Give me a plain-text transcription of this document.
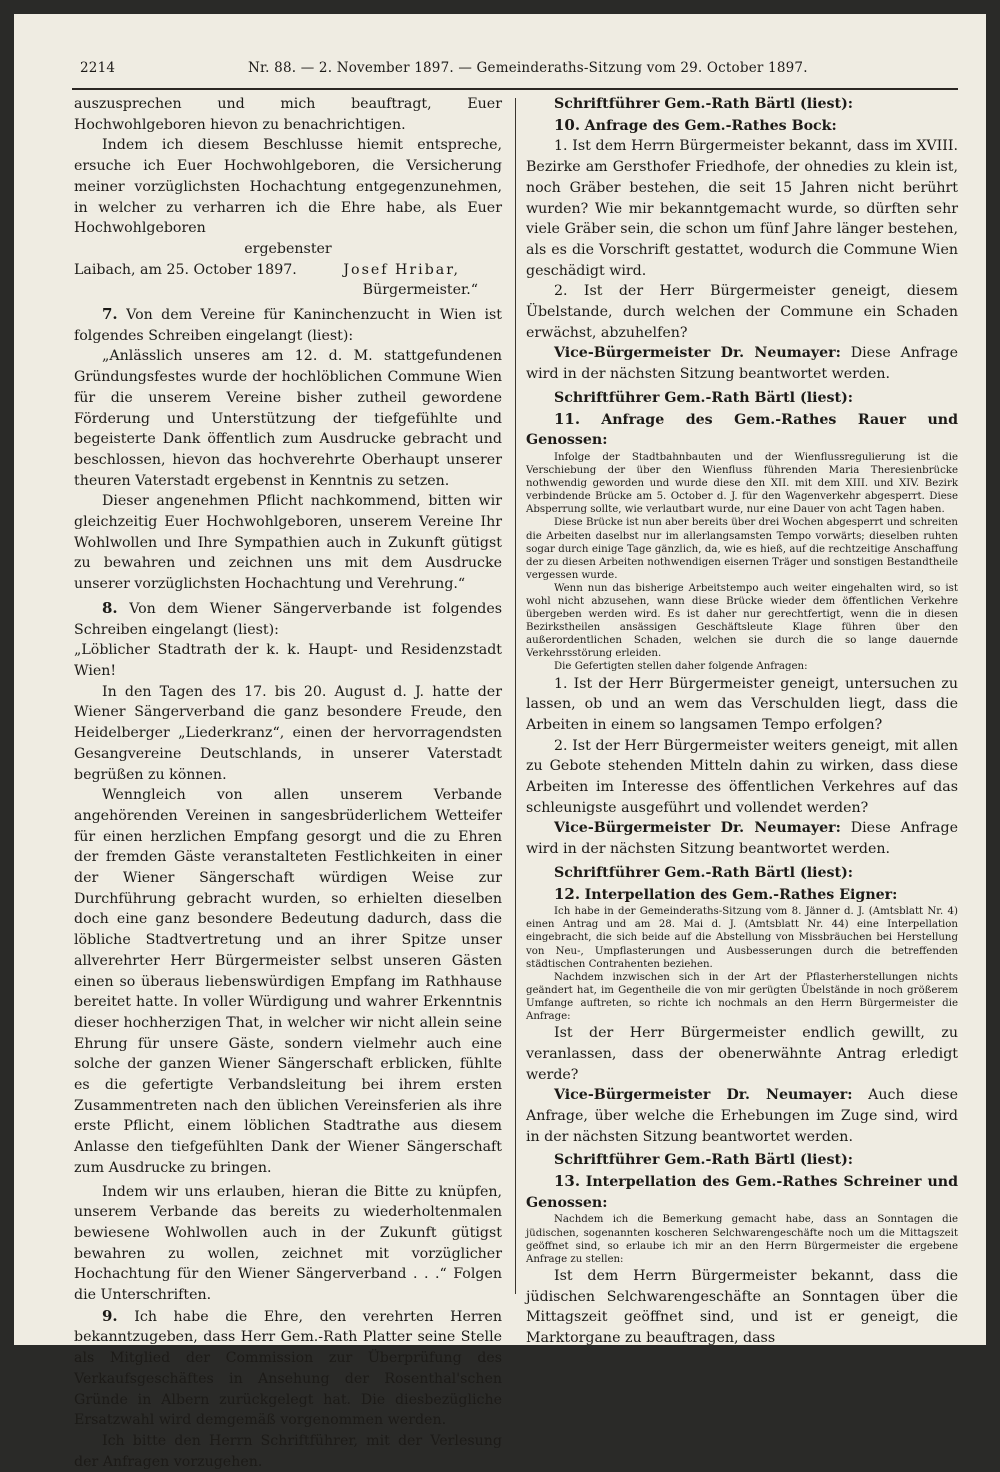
2214	Nr. 88. — 2. November 1897. — Gemeinderaths-Sitzung vom 29. October 1897.

auszusprechen und mich beauftragt, Euer Hochwohlgeboren hievon zu benachrichtigen.

Indem ich diesem Beschlusse hiemit entspreche, ersuche ich Euer Hochwohlgeboren, die Versicherung meiner vorzüglichsten Hochachtung entgegenzunehmen, in welcher zu verharren ich die Ehre habe, als Euer Hochwohlgeboren

ergebenster

Laibach, am 25. October 1897.	Josef Hribar,

Bürgermeister.“

7. Von dem Vereine für Kaninchenzucht in Wien ist folgendes Schreiben eingelangt (liest):

„Anlässlich unseres am 12. d. M. stattgefundenen Gründungsfestes wurde der hochlöblichen Commune Wien für die unserem Vereine bisher zutheil gewordene Förderung und Unterstützung der tiefgefühlte und begeisterte Dank öffentlich zum Ausdrucke gebracht und beschlossen, hievon das hochverehrte Oberhaupt unserer theuren Vaterstadt ergebenst in Kenntnis zu setzen.

Dieser angenehmen Pflicht nachkommend, bitten wir gleichzeitig Euer Hochwohlgeboren, unserem Vereine Ihr Wohlwollen und Ihre Sympathien auch in Zukunft gütigst zu bewahren und zeichnen uns mit dem Ausdrucke unserer vorzüglichsten Hochachtung und Verehrung.“

8. Von dem Wiener Sängerverbande ist folgendes Schreiben eingelangt (liest):

„Löblicher Stadtrath der k. k. Haupt- und Residenzstadt Wien!

In den Tagen des 17. bis 20. August d. J. hatte der Wiener Sängerverband die ganz besondere Freude, den Heidelberger „Liederkranz“, einen der hervorragendsten Gesangvereine Deutschlands, in unserer Vaterstadt begrüßen zu können.

Wenngleich von allen unserem Verbande angehörenden Vereinen in sangesbrüderlichem Wetteifer für einen herzlichen Empfang gesorgt und die zu Ehren der fremden Gäste veranstalteten Festlichkeiten in einer der Wiener Sängerschaft würdigen Weise zur Durchführung gebracht wurden, so erhielten dieselben doch eine ganz besondere Bedeutung dadurch, dass die löbliche Stadtvertretung und an ihrer Spitze unser allverehrter Herr Bürgermeister selbst unseren Gästen einen so überaus liebenswürdigen Empfang im Rathhause bereitet hatte. In voller Würdigung und wahrer Erkenntnis dieser hochherzigen That, in welcher wir nicht allein seine Ehrung für unsere Gäste, sondern vielmehr auch eine solche der ganzen Wiener Sängerschaft erblicken, fühlte es die gefertigte Verbandsleitung bei ihrem ersten Zusammentreten nach den üblichen Vereinsferien als ihre erste Pflicht, einem löblichen Stadtrathe aus diesem Anlasse den tiefgefühlten Dank der Wiener Sängerschaft zum Ausdrucke zu bringen.

Indem wir uns erlauben, hieran die Bitte zu knüpfen, unserem Verbande das bereits zu wiederholtenmalen bewiesene Wohlwollen auch in der Zukunft gütigst bewahren zu wollen, zeichnet mit vorzüglicher Hochachtung für den Wiener Sängerverband . . .“ Folgen die Unterschriften.

9. Ich habe die Ehre, den verehrten Herren bekanntzugeben, dass Herr Gem.-Rath Platter seine Stelle als Mitglied der Commission zur Überprüfung des Verkaufsgeschäftes in Ansehung der Rosenthal'schen Gründe in Albern zurückgelegt hat. Die diesbezügliche Ersatzwahl wird demgemäß vorgenommen werden.

Ich bitte den Herrn Schriftführer, mit der Verlesung der Anfragen vorzugehen.

Schriftführer Gem.-Rath Bärtl (liest):

10. Anfrage des Gem.-Rathes Bock:

1. Ist dem Herrn Bürgermeister bekannt, dass im XVIII. Bezirke am Gersthofer Friedhofe, der ohnedies zu klein ist, noch Gräber bestehen, die seit 15 Jahren nicht berührt wurden? Wie mir bekanntgemacht wurde, so dürften sehr viele Gräber sein, die schon um fünf Jahre länger bestehen, als es die Vorschrift gestattet, wodurch die Commune Wien geschädigt wird.

2. Ist der Herr Bürgermeister geneigt, diesem Übelstande, durch welchen der Commune ein Schaden erwächst, abzuhelfen?

Vice-Bürgermeister Dr. Neumayer: Diese Anfrage wird in der nächsten Sitzung beantwortet werden.

Schriftführer Gem.-Rath Bärtl (liest):

11. Anfrage des Gem.-Rathes Rauer und Genossen:

Infolge der Stadtbahnbauten und der Wienflussregulierung ist die Verschiebung der über den Wienfluss führenden Maria Theresienbrücke nothwendig geworden und wurde diese den XII. mit dem XIII. und XIV. Bezirk verbindende Brücke am 5. October d. J. für den Wagenverkehr abgesperrt. Diese Absperrung sollte, wie verlautbart wurde, nur eine Dauer von acht Tagen haben.

Diese Brücke ist nun aber bereits über drei Wochen abgesperrt und schreiten die Arbeiten daselbst nur im allerlangsamsten Tempo vorwärts; dieselben ruhten sogar durch einige Tage gänzlich, da, wie es hieß, auf die rechtzeitige Anschaffung der zu diesen Arbeiten nothwendigen eisernen Träger und sonstigen Bestandtheile vergessen wurde.

Wenn nun das bisherige Arbeitstempo auch weiter eingehalten wird, so ist wohl nicht abzusehen, wann diese Brücke wieder dem öffentlichen Verkehre übergeben werden wird. Es ist daher nur gerechtfertigt, wenn die in diesen Bezirkstheilen ansässigen Geschäftsleute Klage führen über den außerordentlichen Schaden, welchen sie durch die so lange dauernde Verkehrsstörung erleiden.

Die Gefertigten stellen daher folgende Anfragen:

1. Ist der Herr Bürgermeister geneigt, untersuchen zu lassen, ob und an wem das Verschulden liegt, dass die Arbeiten in einem so langsamen Tempo erfolgen?

2. Ist der Herr Bürgermeister weiters geneigt, mit allen zu Gebote stehenden Mitteln dahin zu wirken, dass diese Arbeiten im Interesse des öffentlichen Verkehres auf das schleunigste ausgeführt und vollendet werden?

Vice-Bürgermeister Dr. Neumayer: Diese Anfrage wird in der nächsten Sitzung beantwortet werden.

Schriftführer Gem.-Rath Bärtl (liest):

12. Interpellation des Gem.-Rathes Eigner:

Ich habe in der Gemeinderaths-Sitzung vom 8. Jänner d. J. (Amtsblatt Nr. 4) einen Antrag und am 28. Mai d. J. (Amtsblatt Nr. 44) eine Interpellation eingebracht, die sich beide auf die Abstellung von Missbräuchen bei Herstellung von Neu-, Umpflasterungen und Ausbesserungen durch die betreffenden städtischen Contrahenten beziehen.

Nachdem inzwischen sich in der Art der Pflasterherstellungen nichts geändert hat, im Gegentheile die von mir gerügten Übelstände in noch größerem Umfange auftreten, so richte ich nochmals an den Herrn Bürgermeister die Anfrage:

Ist der Herr Bürgermeister endlich gewillt, zu veranlassen, dass der obenerwähnte Antrag erledigt werde?

Vice-Bürgermeister Dr. Neumayer: Auch diese Anfrage, über welche die Erhebungen im Zuge sind, wird in der nächsten Sitzung beantwortet werden.

Schriftführer Gem.-Rath Bärtl (liest):

13. Interpellation des Gem.-Rathes Schreiner und Genossen:

Nachdem ich die Bemerkung gemacht habe, dass an Sonntagen die jüdischen, sogenannten koscheren Selchwarengeschäfte noch um die Mittagszeit geöffnet sind, so erlaube ich mir an den Herrn Bürgermeister die ergebene Anfrage zu stellen:

Ist dem Herrn Bürgermeister bekannt, dass die jüdischen Selchwarengeschäfte an Sonntagen über die Mittagszeit geöffnet sind, und ist er geneigt, die Marktorgane zu beauftragen, dass
